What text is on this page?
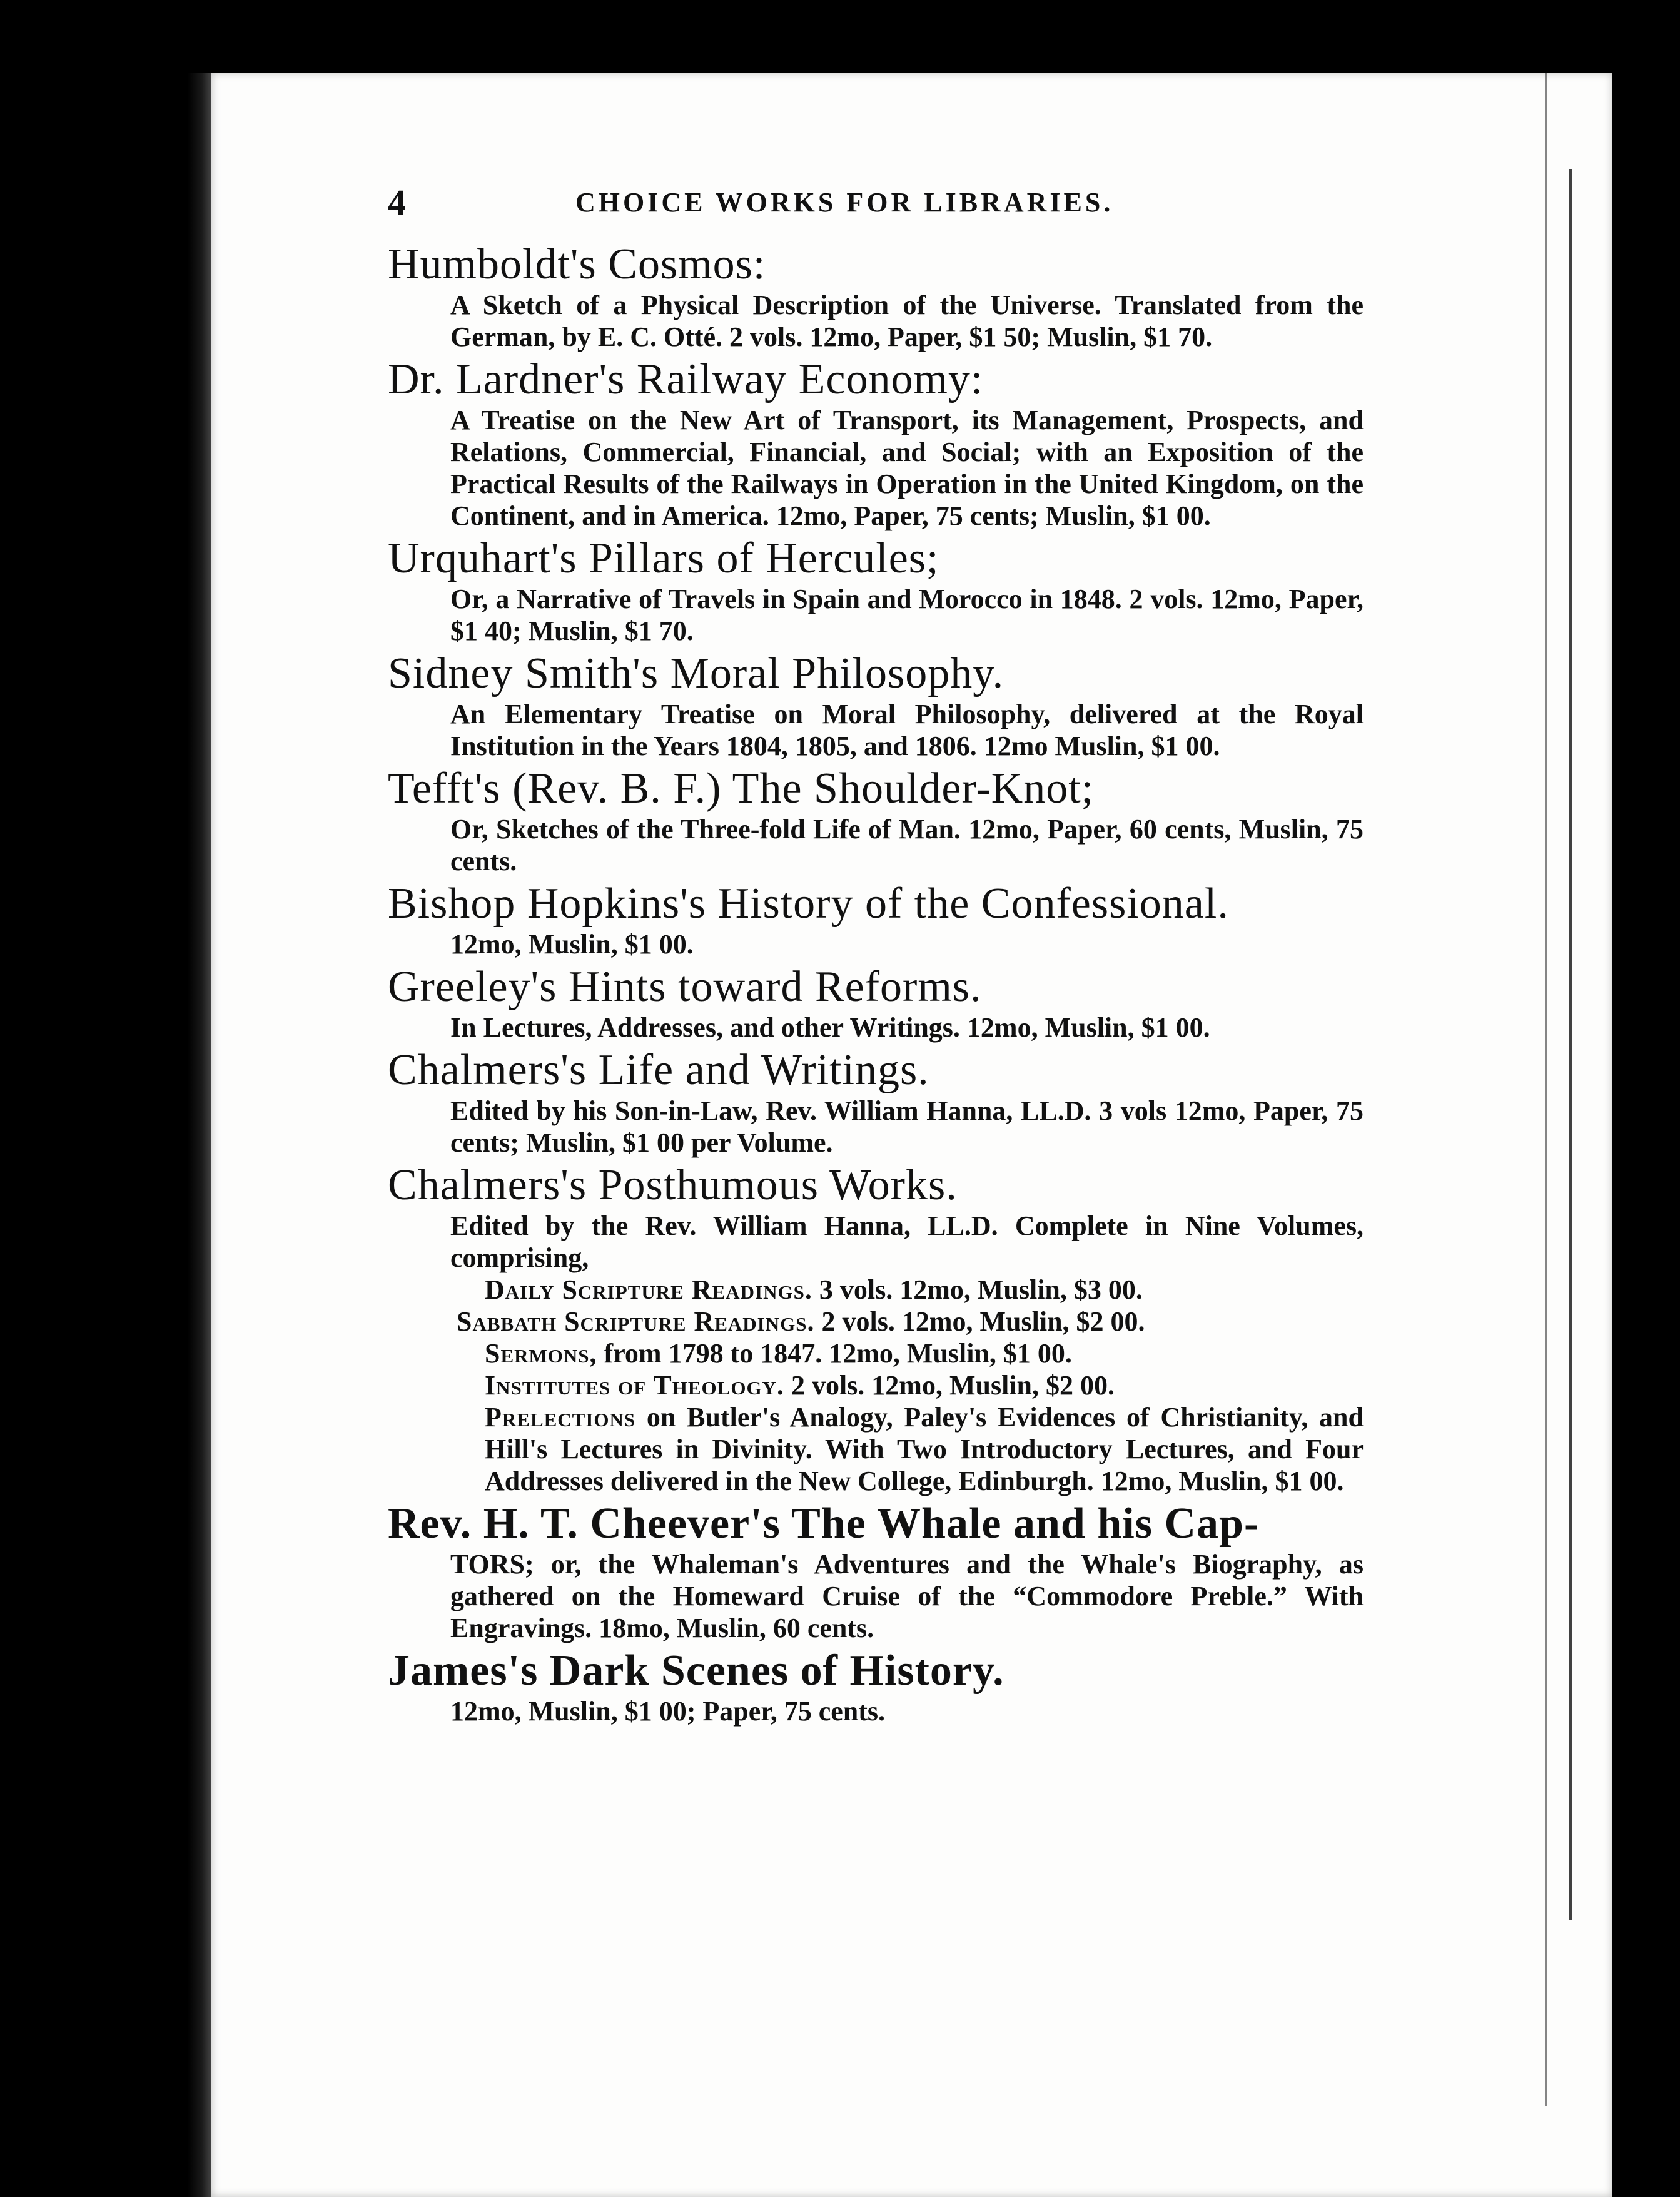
4	CHOICE WORKS FOR LIBRARIES.
Humboldt's Cosmos:
A Sketch of a Physical Description of the Universe. Translated from the German, by E. C. Otté. 2 vols. 12mo, Paper, $1 50; Muslin, $1 70.
Dr. Lardner's Railway Economy:
A Treatise on the New Art of Transport, its Management, Prospects, and Relations, Commercial, Financial, and Social; with an Exposition of the Practical Results of the Railways in Operation in the United Kingdom, on the Continent, and in America. 12mo, Paper, 75 cents; Muslin, $1 00.
Urquhart's Pillars of Hercules;
Or, a Narrative of Travels in Spain and Morocco in 1848. 2 vols. 12mo, Paper, $1 40; Muslin, $1 70.
Sidney Smith's Moral Philosophy.
An Elementary Treatise on Moral Philosophy, delivered at the Royal Institution in the Years 1804, 1805, and 1806. 12mo Muslin, $1 00.
Tefft's (Rev. B. F.) The Shoulder-Knot;
Or, Sketches of the Three-fold Life of Man. 12mo, Paper, 60 cents, Muslin, 75 cents.
Bishop Hopkins's History of the Confessional.
12mo, Muslin, $1 00.
Greeley's Hints toward Reforms.
In Lectures, Addresses, and other Writings. 12mo, Muslin, $1 00.
Chalmers's Life and Writings.
Edited by his Son-in-Law, Rev. William Hanna, LL.D. 3 vols 12mo, Paper, 75 cents; Muslin, $1 00 per Volume.
Chalmers's Posthumous Works.
Edited by the Rev. William Hanna, LL.D. Complete in Nine Volumes, comprising,
Daily Scripture Readings. 3 vols. 12mo, Muslin, $3 00.
Sabbath Scripture Readings. 2 vols. 12mo, Muslin, $2 00.
Sermons, from 1798 to 1847. 12mo, Muslin, $1 00.
Institutes of Theology. 2 vols. 12mo, Muslin, $2 00.
Prelections on Butler's Analogy, Paley's Evidences of Christianity, and Hill's Lectures in Divinity. With Two Introductory Lectures, and Four Addresses delivered in the New College, Edinburgh. 12mo, Muslin, $1 00.
Rev. H. T. Cheever's The Whale and his Cap-
TORS; or, the Whaleman's Adventures and the Whale's Biography, as gathered on the Homeward Cruise of the “Commodore Preble.” With Engravings. 18mo, Muslin, 60 cents.
James's Dark Scenes of History.
12mo, Muslin, $1 00; Paper, 75 cents.
